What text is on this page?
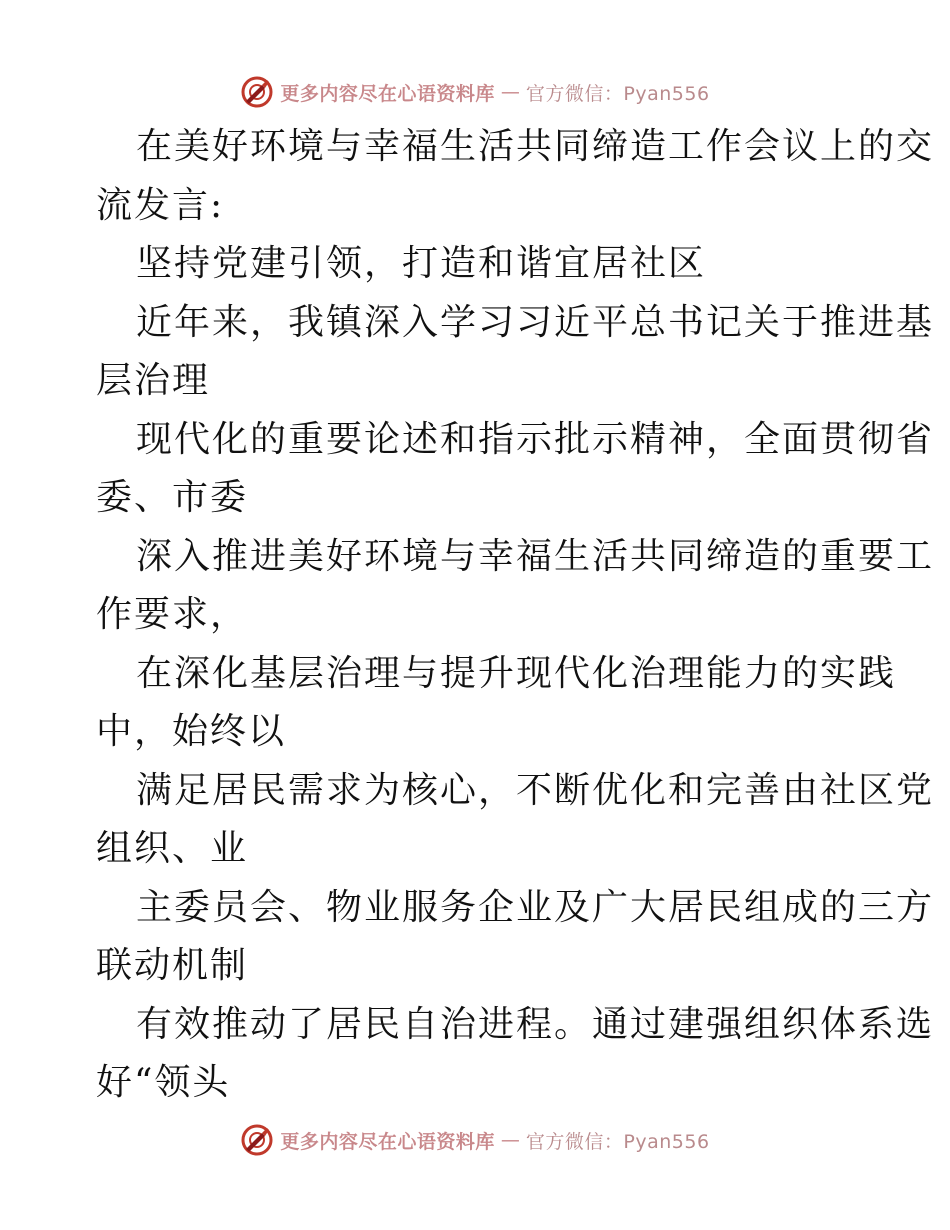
更多内容尽在心语资料库 — 官方微信：Pyan556
在美好环境与幸福生活共同缔造工作会议上的交
流发言:
坚持党建引领，打造和谐宜居社区
近年来，我镇深入学习习近平总书记关于推进基
层治理
现代化的重要论述和指示批示精神，全面贯彻省
委、市委
深入推进美好环境与幸福生活共同缔造的重要工
作要求，
在深化基层治理与提升现代化治理能力的实践
中，始终以
满足居民需求为核心，不断优化和完善由社区党
组织、业
主委员会、物业服务企业及广大居民组成的三方
联动机制
有效推动了居民自治进程。通过建强组织体系选
好“领头
更多内容尽在心语资料库 — 官方微信：Pyan556
